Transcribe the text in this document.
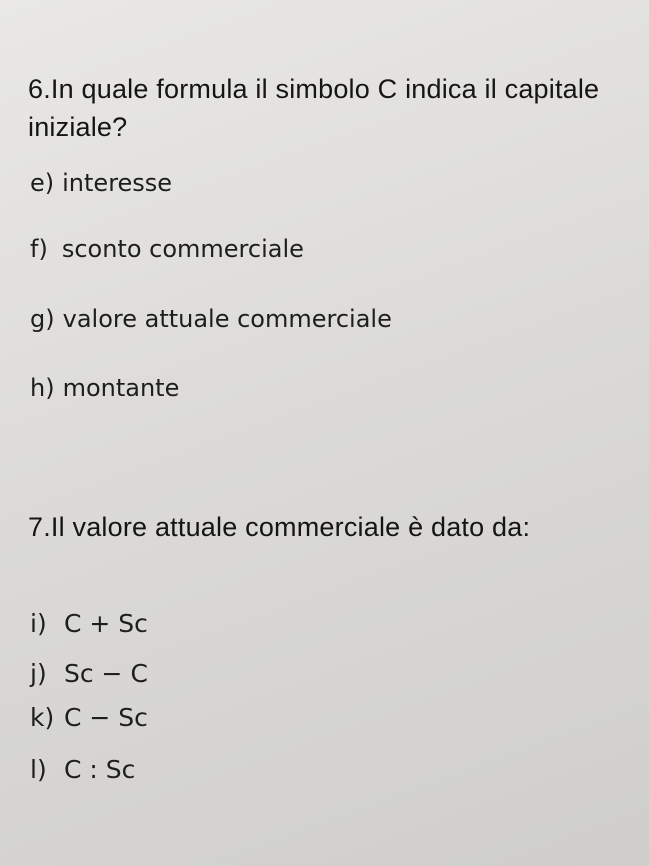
6.In quale formula il simbolo C indica il capitale iniziale?

e) interesse
f) sconto commerciale
g) valore attuale commerciale
h) montante

7.Il valore attuale commerciale è dato da:

i) C + Sc
j) Sc − C
k) C − Sc
l) C : Sc
